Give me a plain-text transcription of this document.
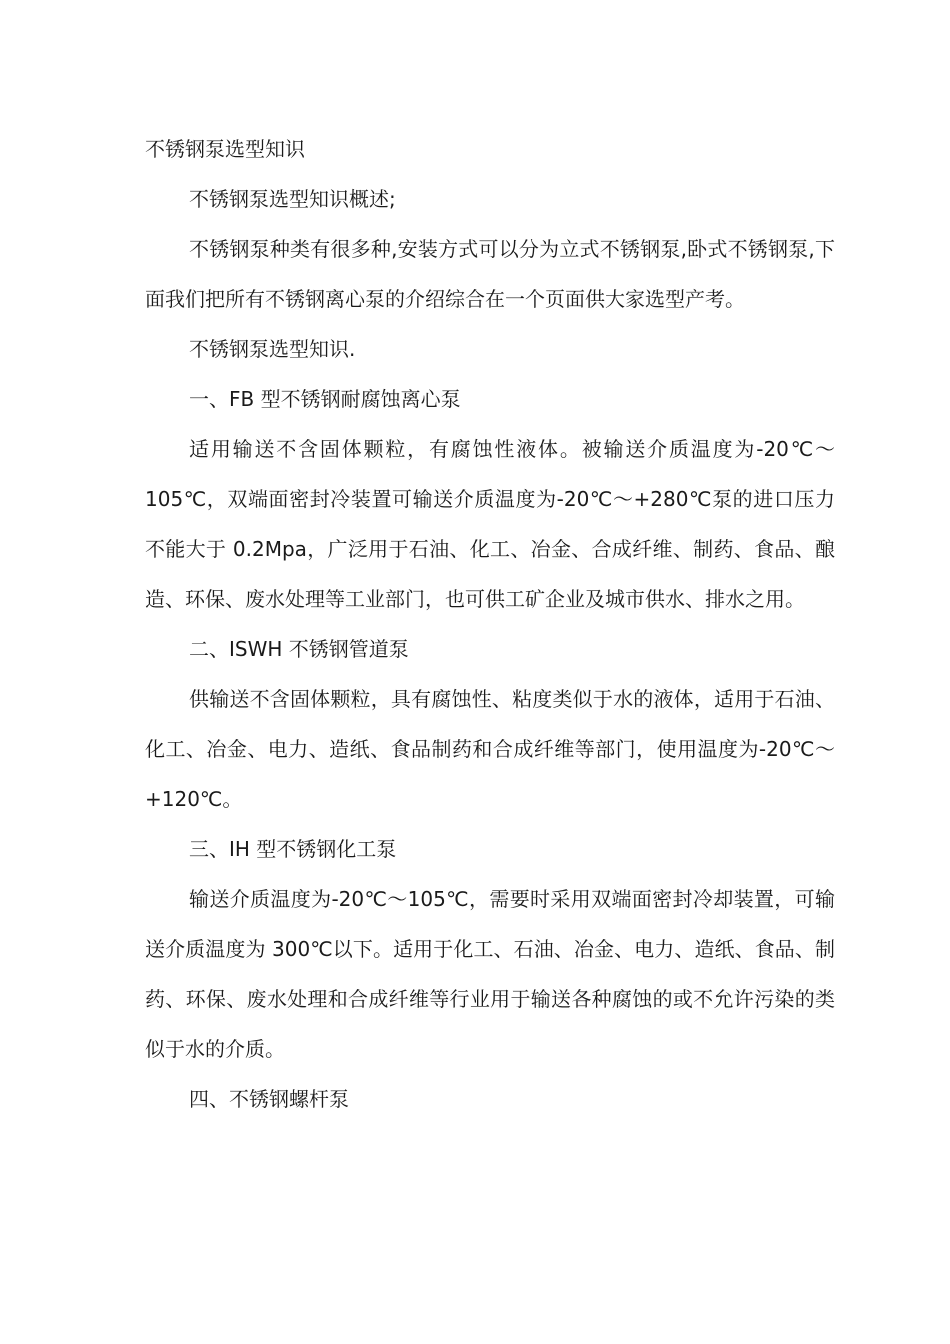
不锈钢泵选型知识

不锈钢泵选型知识概述;

不锈钢泵种类有很多种,安装方式可以分为立式不锈钢泵,卧式不锈钢泵,下面我们把所有不锈钢离心泵的介绍综合在一个页面供大家选型产考。

不锈钢泵选型知识.

一、FB 型不锈钢耐腐蚀离心泵

适用输送不含固体颗粒，有腐蚀性液体。被输送介质温度为-20℃～105℃，双端面密封冷装置可输送介质温度为-20℃～+280℃泵的进口压力不能大于 0.2Mpa，广泛用于石油、化工、冶金、合成纤维、制药、食品、酿造、环保、废水处理等工业部门，也可供工矿企业及城市供水、排水之用。

二、ISWH 不锈钢管道泵

供输送不含固体颗粒，具有腐蚀性、粘度类似于水的液体，适用于石油、化工、冶金、电力、造纸、食品制药和合成纤维等部门，使用温度为-20℃～+120℃。

三、IH 型不锈钢化工泵

输送介质温度为-20℃～105℃，需要时采用双端面密封冷却装置，可输送介质温度为 300℃以下。适用于化工、石油、冶金、电力、造纸、食品、制药、环保、废水处理和合成纤维等行业用于输送各种腐蚀的或不允许污染的类似于水的介质。

四、不锈钢螺杆泵
